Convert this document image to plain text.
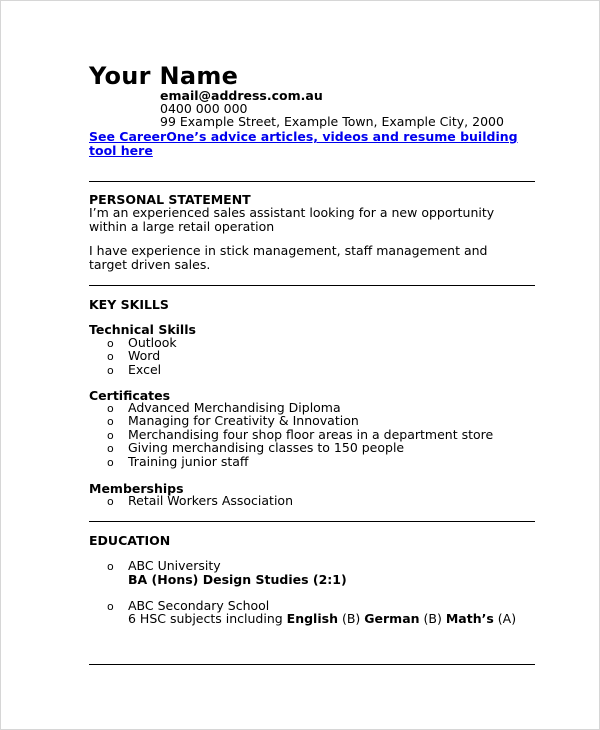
Your Name
email@address.com.au
0400 000 000
99 Example Street, Example Town, Example City, 2000
See CareerOne’s advice articles, videos and resume building tool here
PERSONAL STATEMENT
I’m an experienced sales assistant looking for a new opportunity within a large retail operation
I have experience in stick management, staff management and target driven sales.
KEY SKILLS
Technical Skills
o Outlook
o Word
o Excel
Certificates
o Advanced Merchandising Diploma
o Managing for Creativity & Innovation
o Merchandising four shop floor areas in a department store
o Giving merchandising classes to 150 people
o Training junior staff
Memberships
o Retail Workers Association
EDUCATION
o ABC University
BA (Hons) Design Studies (2:1)
o ABC Secondary School
6 HSC subjects including English (B) German (B) Math’s (A)
